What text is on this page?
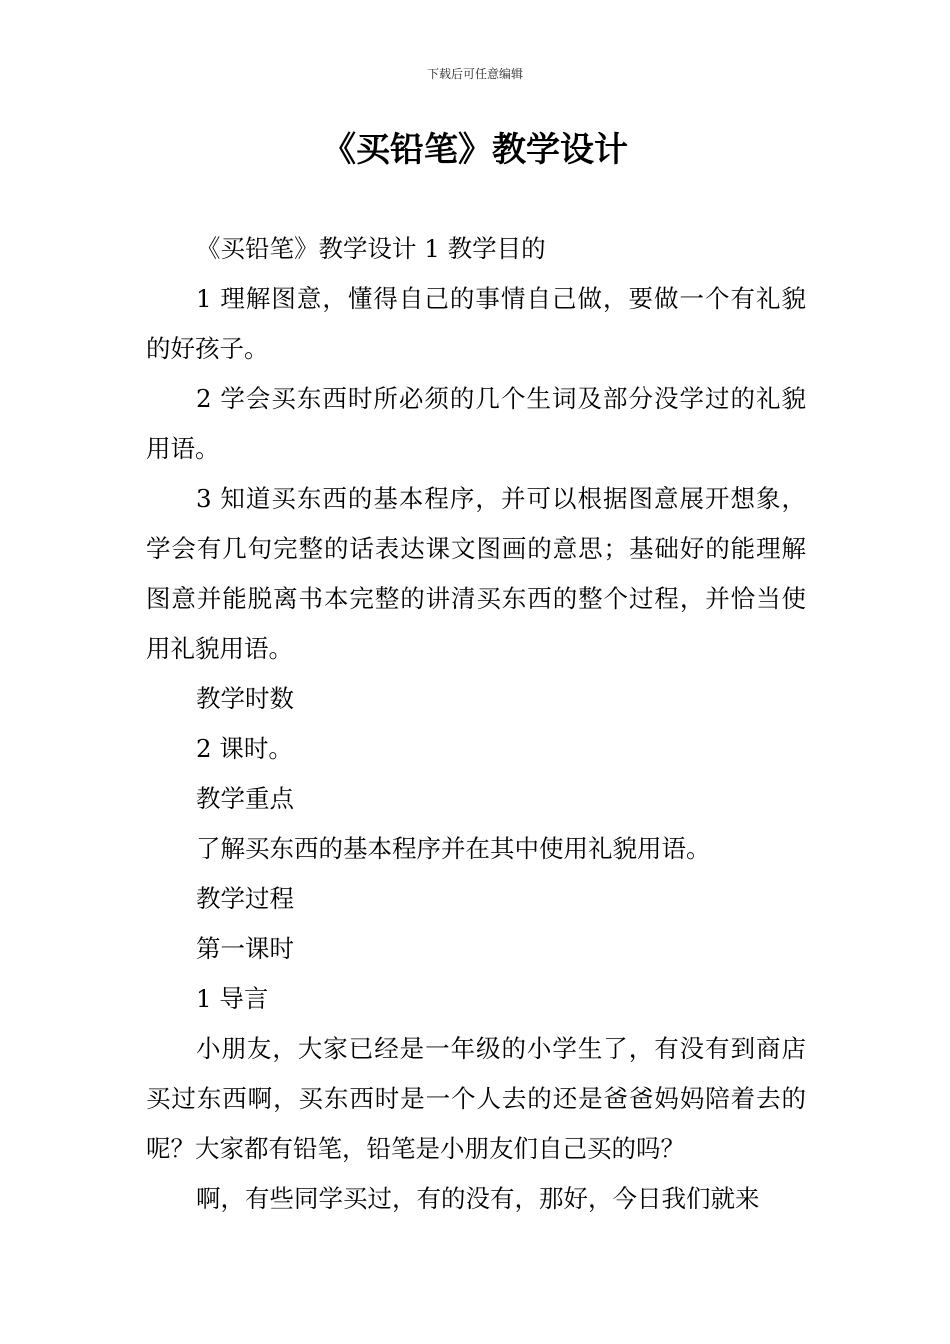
下载后可任意编辑
《买铅笔》教学设计

《买铅笔》教学设计 1 教学目的

1 理解图意，懂得自己的事情自己做，要做一个有礼貌的好孩子。

2 学会买东西时所必须的几个生词及部分没学过的礼貌用语。

3 知道买东西的基本程序，并可以根据图意展开想象，学会有几句完整的话表达课文图画的意思；基础好的能理解图意并能脱离书本完整的讲清买东西的整个过程，并恰当使用礼貌用语。

教学时数

2 课时。

教学重点

了解买东西的基本程序并在其中使用礼貌用语。

教学过程

第一课时

1 导言

小朋友，大家已经是一年级的小学生了，有没有到商店买过东西啊，买东西时是一个人去的还是爸爸妈妈陪着去的呢？大家都有铅笔，铅笔是小朋友们自己买的吗？

啊，有些同学买过，有的没有，那好，今日我们就来
